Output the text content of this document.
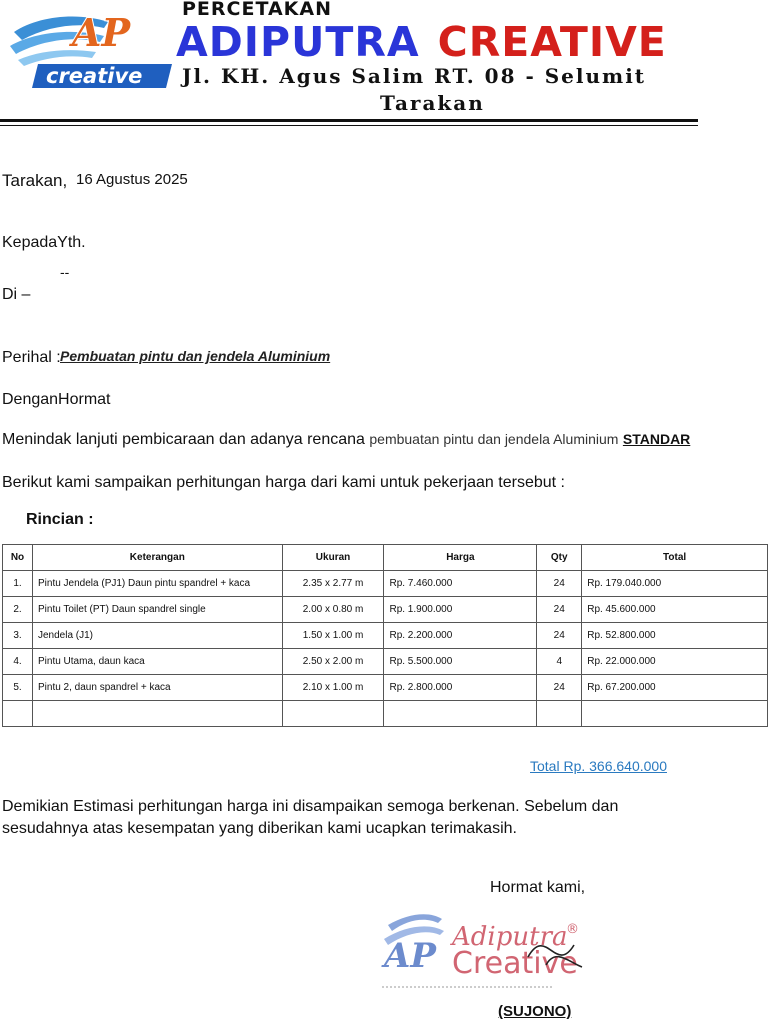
AP
creative
PERCETAKAN
ADIPUTRA CREATIVE
Jl. KH. Agus Salim RT. 08 - Selumit
Tarakan
Tarakan, 16 Agustus 2025
KepadaYth.
--
Di –
Perihal : Pembuatan pintu dan jendela Aluminium
DenganHormat
Menindak lanjuti pembicaraan dan adanya rencana pembuatan pintu dan jendela Aluminium STANDAR
Berikut kami sampaikan perhitungan harga dari kami untuk pekerjaan tersebut :
Rincian :
No	Keterangan	Ukuran	Harga	Qty	Total
1.	Pintu Jendela (PJ1) Daun pintu spandrel + kaca	2.35 x 2.77 m	Rp. 7.460.000	24	Rp. 179.040.000
2.	Pintu Toilet (PT) Daun spandrel single	2.00 x 0.80 m	Rp. 1.900.000	24	Rp. 45.600.000
3.	Jendela (J1)	1.50 x 1.00 m	Rp. 2.200.000	24	Rp. 52.800.000
4.	Pintu Utama, daun kaca	2.50 x 2.00 m	Rp. 5.500.000	4	Rp. 22.000.000
5.	Pintu 2, daun spandrel + kaca	2.10 x 1.00 m	Rp. 2.800.000	24	Rp. 67.200.000

Total Rp. 366.640.000
Demikian Estimasi perhitungan harga ini disampaikan semoga berkenan. Sebelum dan sesudahnya atas kesempatan yang diberikan kami ucapkan terimakasih.
Hormat kami,
AP Adiputra
Creative
®
(SUJONO)
